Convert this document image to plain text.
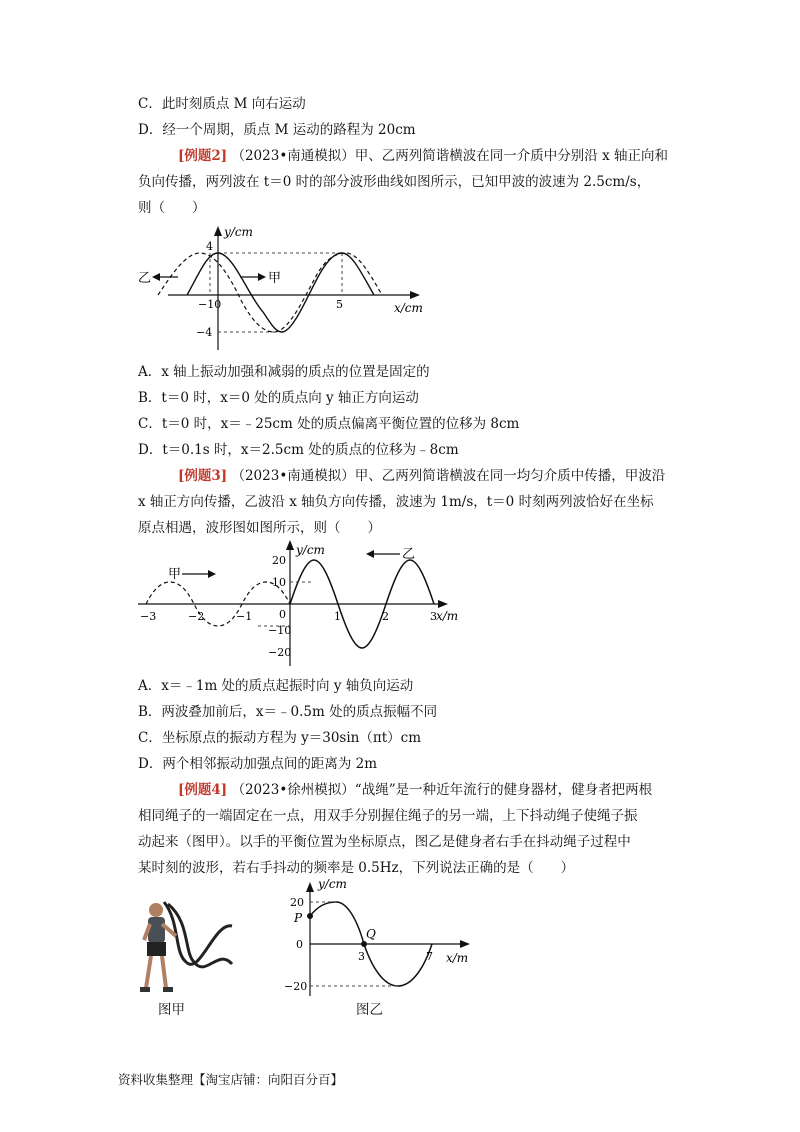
C．此时刻质点 M 向右运动
D．经一个周期，质点 M 运动的路程为 20cm
[例题2] （2023•南通模拟）甲、乙两列简谐横波在同一介质中分别沿 x 轴正向和
负向传播，两列波在 t＝0 时的部分波形曲线如图所示，已知甲波的波速为 2.5cm/s，
则（　　）
甲
乙
y/cm
x/cm
4
−4
−10	5
A．x 轴上振动加强和减弱的质点的位置是固定的
B．t＝0 时，x＝0 处的质点向 y 轴正方向运动
C．t＝0 时，x＝﹣25cm 处的质点偏离平衡位置的位移为 8cm
D．t＝0.1s 时，x＝2.5cm 处的质点的位移为﹣8cm
[例题3] （2023•南通模拟）甲、乙两列简谐横波在同一均匀介质中传播，甲波沿
x 轴正方向传播，乙波沿 x 轴负方向传播，波速为 1m/s，t＝0 时刻两列波恰好在坐标
原点相遇，波形图如图所示，则（　　）
甲
乙
y/cm
x/m
20
10
0
−10
−20
−3	−2	−1	1	2	3
A．x＝﹣1m 处的质点起振时向 y 轴负向运动
B．两波叠加前后，x＝﹣0.5m 处的质点振幅不同
C．坐标原点的振动方程为 y＝30sin（πt）cm
D．两个相邻振动加强点间的距离为 2m
[例题4] （2023•徐州模拟）“战绳”是一种近年流行的健身器材，健身者把两根
相同绳子的一端固定在一点，用双手分别握住绳子的另一端，上下抖动绳子使绳子振
动起来（图甲）。以手的平衡位置为坐标原点，图乙是健身者右手在抖动绳子过程中
某时刻的波形，若右手抖动的频率是 0.5Hz，下列说法正确的是（　　）
图甲
y/cm
x/m
20
0
−20
3	7
P
Q
图乙
资料收集整理【淘宝店铺：向阳百分百】
